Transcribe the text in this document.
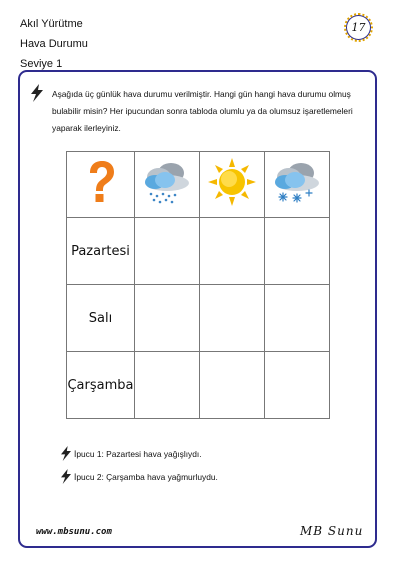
Akıl Yürütme
Hava Durumu
Seviye 1
17
Aşağıda üç günlük hava durumu verilmiştir. Hangi gün hangi hava durumu olmuş bulabilir misin? Her ipucundan sonra tabloda olumlu ya da olumsuz işaretlemeleri yaparak ilerleyiniz.

Pazartesi			
Salı			
Çarşamba			
İpucu 1: Pazartesi hava yağışlıydı.
İpucu 2: Çarşamba hava yağmurluydu.
www.mbsunu.com	MB Sunu
